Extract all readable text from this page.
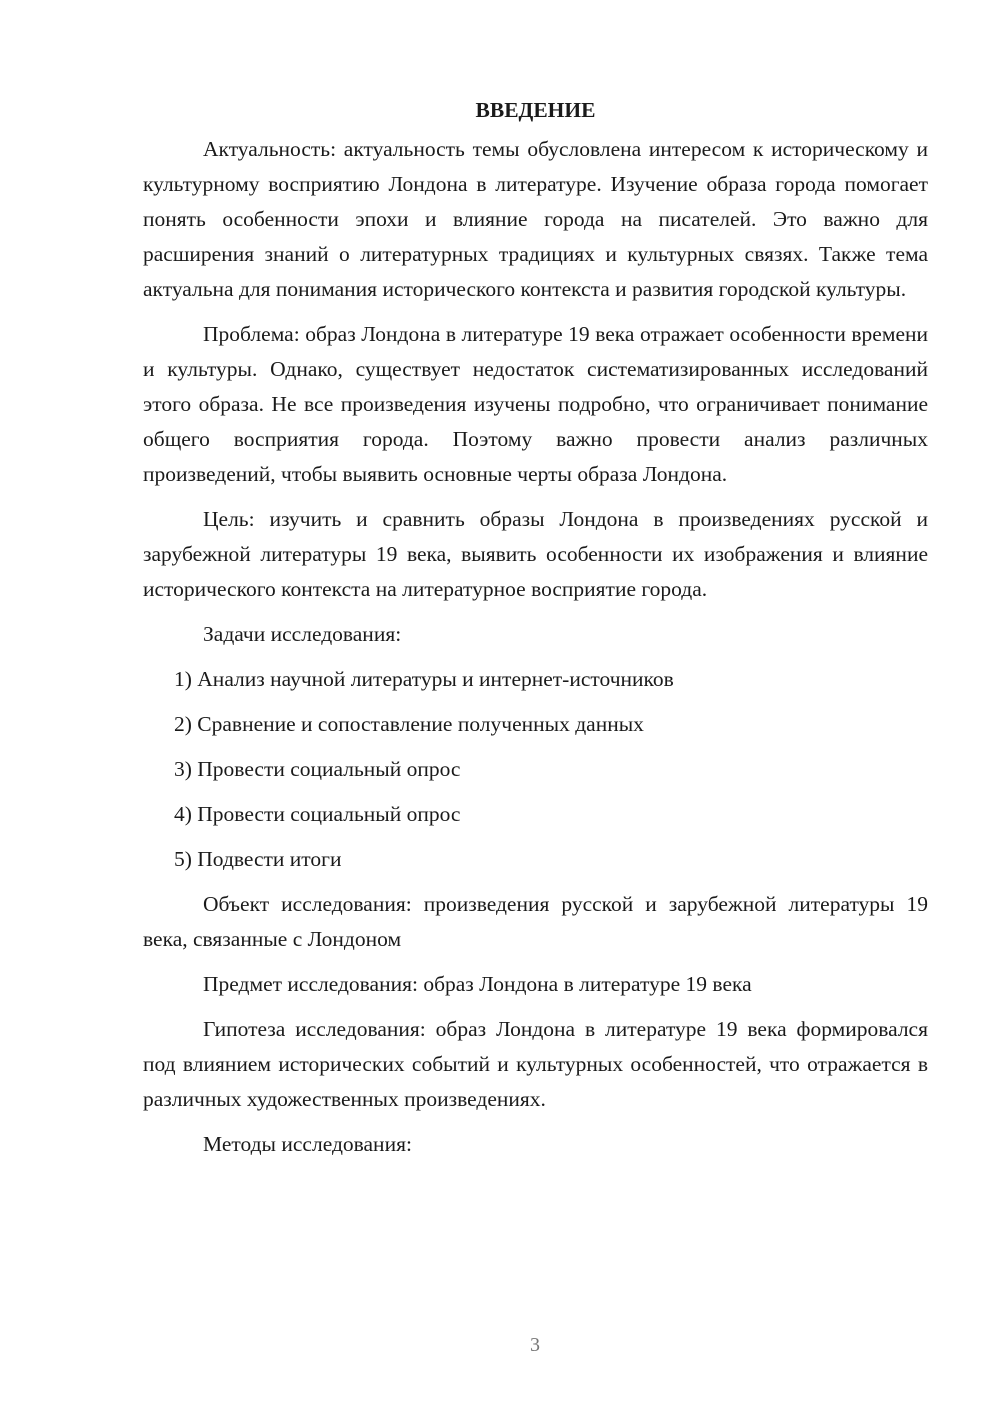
ВВЕДЕНИЕ

Актуальность: актуальность темы обусловлена интересом к историческому и культурному восприятию Лондона в литературе. Изучение образа города помогает понять особенности эпохи и влияние города на писателей. Это важно для расширения знаний о литературных традициях и культурных связях. Также тема актуальна для понимания исторического контекста и развития городской культуры.

Проблема: образ Лондона в литературе 19 века отражает особенности времени и культуры. Однако, существует недостаток систематизированных исследований этого образа. Не все произведения изучены подробно, что ограничивает понимание общего восприятия города. Поэтому важно провести анализ различных произведений, чтобы выявить основные черты образа Лондона.

Цель: изучить и сравнить образы Лондона в произведениях русской и зарубежной литературы 19 века, выявить особенности их изображения и влияние исторического контекста на литературное восприятие города.

Задачи исследования:

1) Анализ научной литературы и интернет-источников
2) Сравнение и сопоставление полученных данных
3) Провести социальный опрос
4) Провести социальный опрос
5) Подвести итоги

Объект исследования: произведения русской и зарубежной литературы 19 века, связанные с Лондоном

Предмет исследования: образ Лондона в литературе 19 века

Гипотеза исследования: образ Лондона в литературе 19 века формировался под влиянием исторических событий и культурных особенностей, что отражается в различных художественных произведениях.

Методы исследования:

3
